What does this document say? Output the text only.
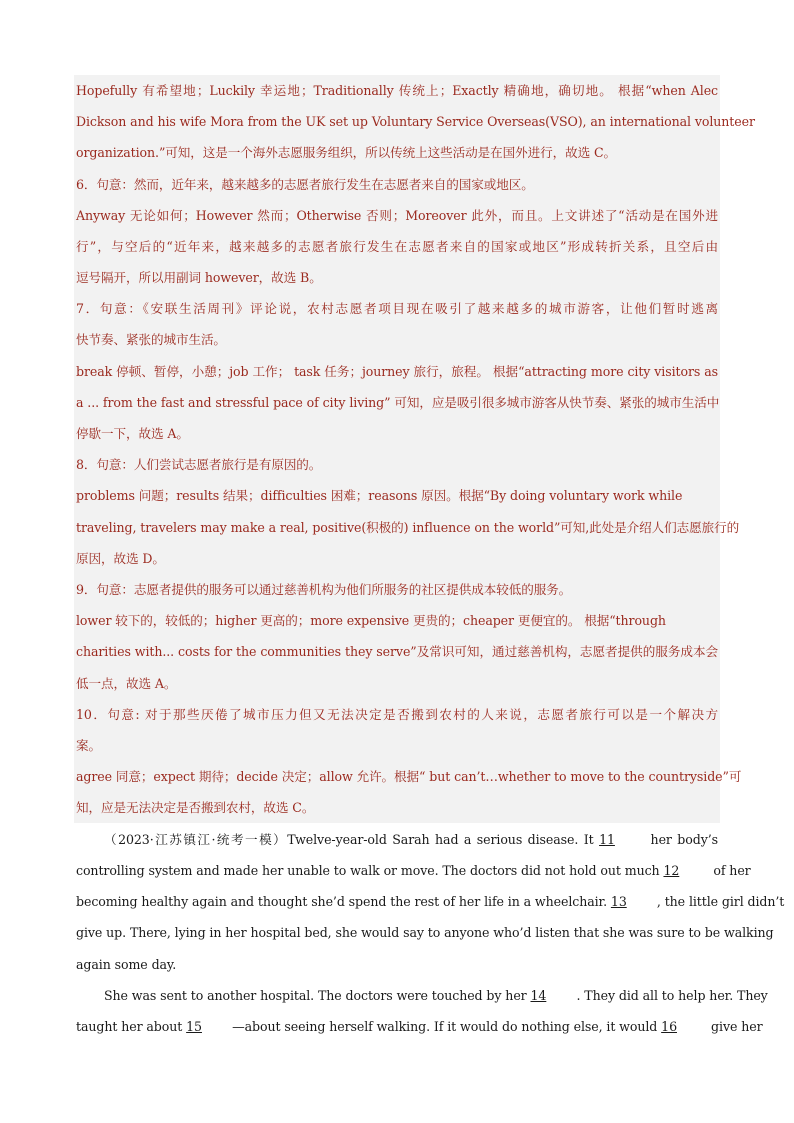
Hopefully 有希望地；Luckily 幸运地；Traditionally 传统上；Exactly 精确地，确切地。 根据“when Alec
Dickson and his wife Mora from the UK set up Voluntary Service Overseas(VSO), an international volunteer
organization.”可知，这是一个海外志愿服务组织，所以传统上这些活动是在国外进行，故选 C。
6．句意：然而，近年来，越来越多的志愿者旅行发生在志愿者来自的国家或地区。
Anyway 无论如何；However 然而；Otherwise 否则；Moreover 此外，而且。上文讲述了“活动是在国外进
行”，与空后的“近年来，越来越多的志愿者旅行发生在志愿者来自的国家或地区”形成转折关系，且空后由
逗号隔开，所以用副词 however，故选 B。
7．句意：《安联生活周刊》评论说，农村志愿者项目现在吸引了越来越多的城市游客，让他们暂时逃离
快节奏、紧张的城市生活。
break 停顿、暂停，小憩；job 工作； task 任务；journey 旅行，旅程。 根据“attracting more city visitors as
a ... from the fast and stressful pace of city living” 可知，应是吸引很多城市游客从快节奏、紧张的城市生活中
停歇一下，故选 A。
8．句意：人们尝试志愿者旅行是有原因的。
problems 问题；results 结果；difficulties 困难；reasons 原因。根据“By doing voluntary work while
traveling, travelers may make a real, positive(积极的) influence on the world”可知,此处是介绍人们志愿旅行的
原因，故选 D。
9．句意：志愿者提供的服务可以通过慈善机构为他们所服务的社区提供成本较低的服务。
lower 较下的，较低的；higher 更高的；more expensive 更贵的；cheaper 更便宜的。 根据“through
charities with... costs for the communities they serve”及常识可知，通过慈善机构，志愿者提供的服务成本会
低一点，故选 A。
10．句意: 对于那些厌倦了城市压力但又无法决定是否搬到农村的人来说，志愿者旅行可以是一个解决方
案。
agree 同意；expect 期待；decide 决定；allow 允许。根据“ but can’t…whether to move to the countryside”可
知，应是无法决定是否搬到农村，故选 C。
（2023·江苏镇江·统考一模）Twelve-year-old Sarah had a serious disease. It 11 her body’s
controlling system and made her unable to walk or move. The doctors did not hold out much 12 of her
becoming healthy again and thought she’d spend the rest of her life in a wheelchair. 13 , the little girl didn’t
give up. There, lying in her hospital bed, she would say to anyone who’d listen that she was sure to be walking
again some day.
She was sent to another hospital. The doctors were touched by her 14 . They did all to help her. They
taught her about 15 —about seeing herself walking. If it would do nothing else, it would 16 give her
